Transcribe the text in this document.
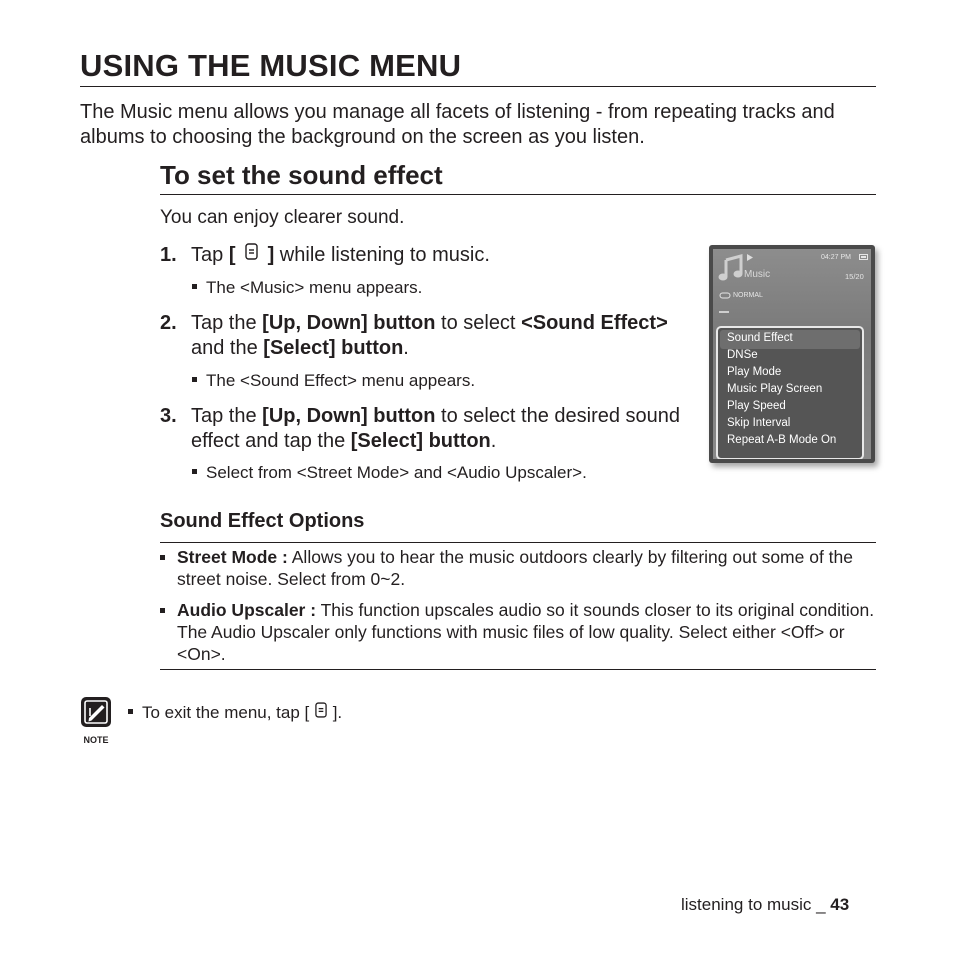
USING THE MUSIC MENU
The Music menu allows you manage all facets of listening - from repeating tracks and albums to choosing the background on the screen as you listen.
To set the sound effect
You can enjoy clearer sound.
1. Tap [  ] while listening to music.
The <Music> menu appears.
2. Tap the [Up, Down] button to select <Sound Effect> and the [Select] button.
The <Sound Effect> menu appears.
3. Tap the [Up, Down] button to select the desired sound effect and tap the [Select] button.
Select from <Street Mode> and <Audio Upscaler>.
Music
04:27 PM
15/20
NORMAL
Sound Effect
DNSe
Play Mode
Music Play Screen
Play Speed
Skip Interval
Repeat A-B Mode On
Sound Effect Options
Street Mode : Allows you to hear the music outdoors clearly by filtering out some of the street noise. Select from 0~2.
Audio Upscaler : This function upscales audio so it sounds closer to its original condition. The Audio Upscaler only functions with music files of low quality. Select either <Off> or <On>.
NOTE
To exit the menu, tap [  ].
listening to music _ 43
